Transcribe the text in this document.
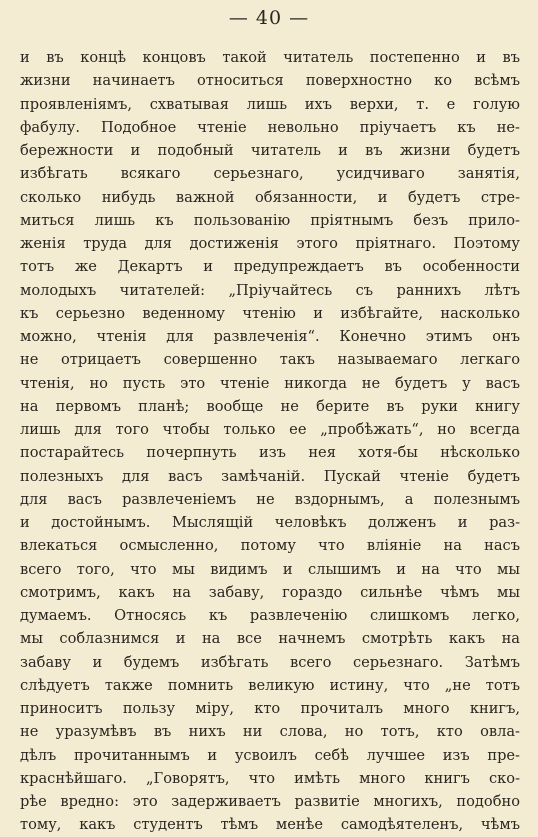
— 40 —
и въ концѣ концовъ такой читатель постепенно и въ
жизни начинаетъ относиться поверхностно ко всѣмъ
проявленіямъ, схватывая лишь ихъ верхи, т. е голую
фабулу. Подобное чтеніе невольно пріучаетъ къ не-
бережности и подобный читатель и въ жизни будетъ
избѣгать всякаго серьезнаго, усидчиваго занятія,
сколько нибудь важной обязанности, и будетъ стре-
миться лишь къ пользованію пріятнымъ безъ прило-
женія труда для достиженія этого пріятнаго. Поэтому
тотъ же Декартъ и предупреждаетъ въ особенности
молодыхъ читателей: „Пріучайтесь съ раннихъ лѣтъ
къ серьезно веденному чтенію и избѣгайте, насколько
можно, чтенія для развлеченія“. Конечно этимъ онъ
не отрицаетъ совершенно такъ называемаго легкаго
чтенія, но пусть это чтеніе никогда не будетъ у васъ
на первомъ планѣ; вообще не берите въ руки книгу
лишь для того чтобы только ее „пробѣжать“, но всегда
постарайтесь почерпнуть изъ нея хотя-бы нѣсколько
полезныхъ для васъ замѣчаній. Пускай чтеніе будетъ
для васъ развлеченіемъ не вздорнымъ, а полезнымъ
и достойнымъ. Мыслящій человѣкъ долженъ и раз-
влекаться осмысленно, потому что вліяніе на насъ
всего того, что мы видимъ и слышимъ и на что мы
смотримъ, какъ на забаву, гораздо сильнѣе чѣмъ мы
думаемъ. Относясь къ развлеченію слишкомъ легко,
мы соблазнимся и на все начнемъ смотрѣть какъ на
забаву и будемъ избѣгать всего серьезнаго. Затѣмъ
слѣдуетъ также помнить великую истину, что „не тотъ
приноситъ пользу міру, кто прочиталъ много книгъ,
не уразумѣвъ въ нихъ ни слова, но тотъ, кто овла-
дѣлъ прочитаннымъ и усвоилъ себѣ лучшее изъ пре-
краснѣйшаго. „Говорятъ, что имѣть много книгъ ско-
рѣе вредно: это задерживаетъ развитіе многихъ, подобно
тому, какъ студентъ тѣмъ менѣе самодѣятеленъ, чѣмъ
